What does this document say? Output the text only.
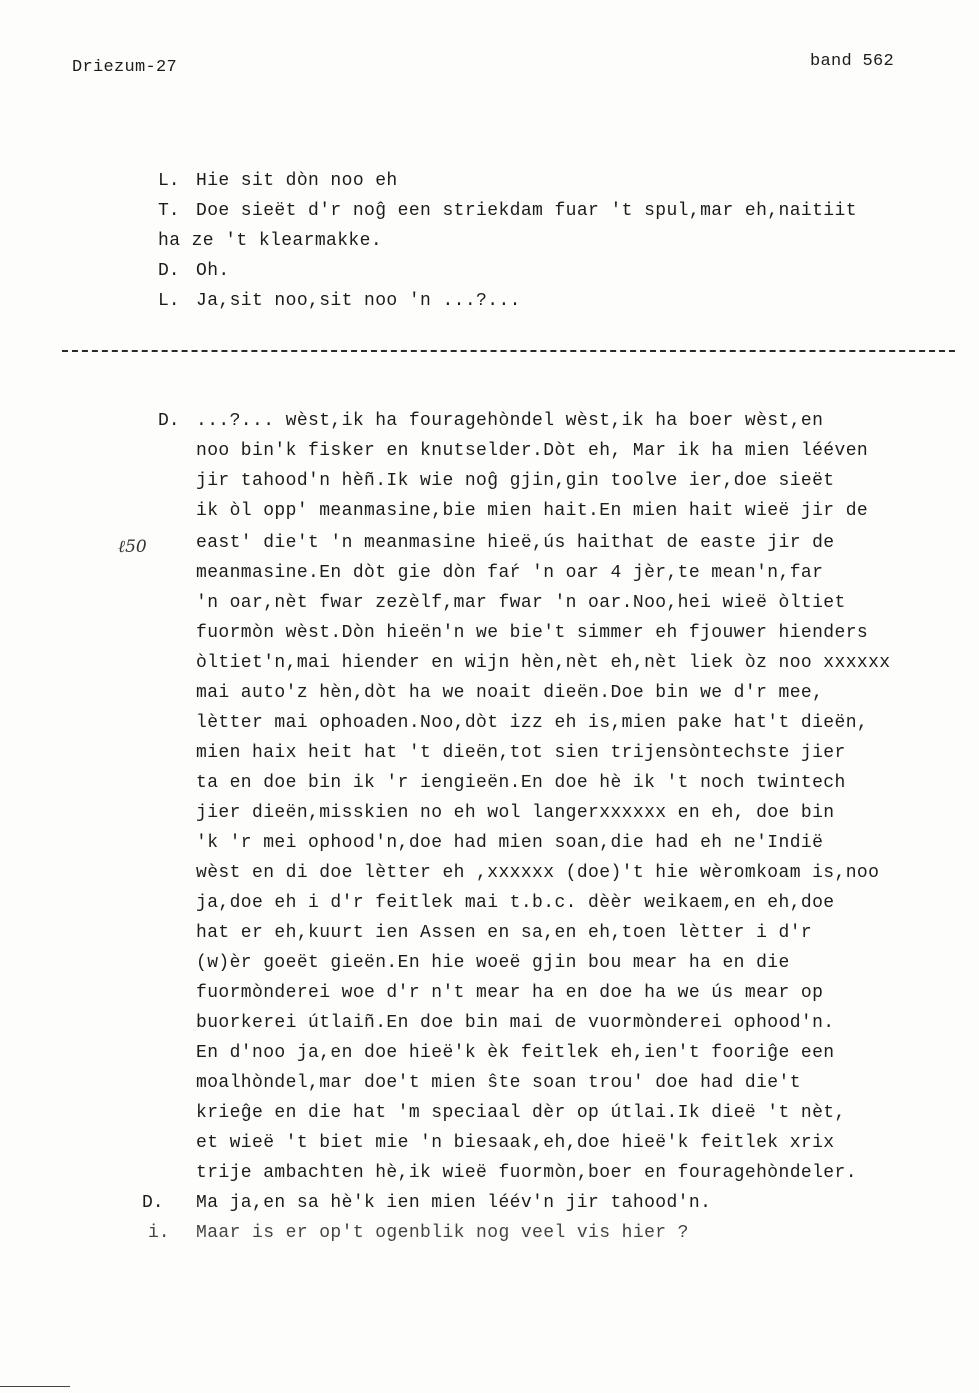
Driezum-27	band 562
L. Hie sit dòn noo eh
T. Doe sieët d'r noĝ een striekdam fuar 't spul,mar eh,naitiit
ha ze 't klearmakke.
D. Oh.
L. Ja,sit noo,sit noo 'n ...?...
ℓ50
D. ...?... wèst,ik ha fouragehòndel wèst,ik ha boer wèst,en
noo bin'k fisker en knutselder.Dòt eh, Mar ik ha mien lééven
jir tahood'n hèñ.Ik wie noĝ gjin,gin toolve ier,doe sieët
ik òl opp' meanmasine,bie mien hait.En mien hait wieë jir de
east' die't 'n meanmasine hieë,ús haithat de easte jir de
meanmasine.En dòt gie dòn faŕ 'n oar 4 jèr,te mean'n,far
'n oar,nèt fwar zezèlf,mar fwar 'n oar.Noo,hei wieë òltiet
fuormòn wèst.Dòn hieën'n we bie't simmer eh fjouwer hienders
òltiet'n,mai hiender en wijn hèn,nèt eh,nèt liek òz noo xxxxxx
mai auto'z hèn,dòt ha we noait dieën.Doe bin we d'r mee,
lètter mai ophoaden.Noo,dòt izz eh is,mien pake hat't dieën,
mien haix heit hat 't dieën,tot sien trijensòntechste jier
ta en doe bin ik 'r iengieën.En doe hè ik 't noch twintech
jier dieën,misskien no eh wol langerxxxxxx en eh, doe bin
'k 'r mei ophood'n,doe had mien soan,die had eh ne'Indië
wèst en di doe lètter eh ,xxxxxx (doe)'t hie wèromkoam is,noo
ja,doe eh i d'r feitlek mai t.b.c. dèèr weikaem,en eh,doe
hat er eh,kuurt ien Assen en sa,en eh,toen lètter i d'r
(w)èr goeët gieën.En hie woeë gjin bou mear ha en die
fuormònderei woe d'r n't mear ha en doe ha we ús mear op
buorkerei útlaiñ.En doe bin mai de vuormònderei ophood'n.
En d'noo ja,en doe hieë'k èk feitlek eh,ien't fooriĝe een
moalhòndel,mar doe't mien ŝte soan trou' doe had die't
krieĝe en die hat 'm speciaal dèr op útlai.Ik dieë 't nèt,
et wieë 't biet mie 'n biesaak,eh,doe hieë'k feitlek xrix
trije ambachten hè,ik wieë fuormòn,boer en fouragehòndeler.
D. Ma ja,en sa hè'k ien mien léév'n jir tahood'n.
i. Maar is er op't ogenblik nog veel vis hier ?
